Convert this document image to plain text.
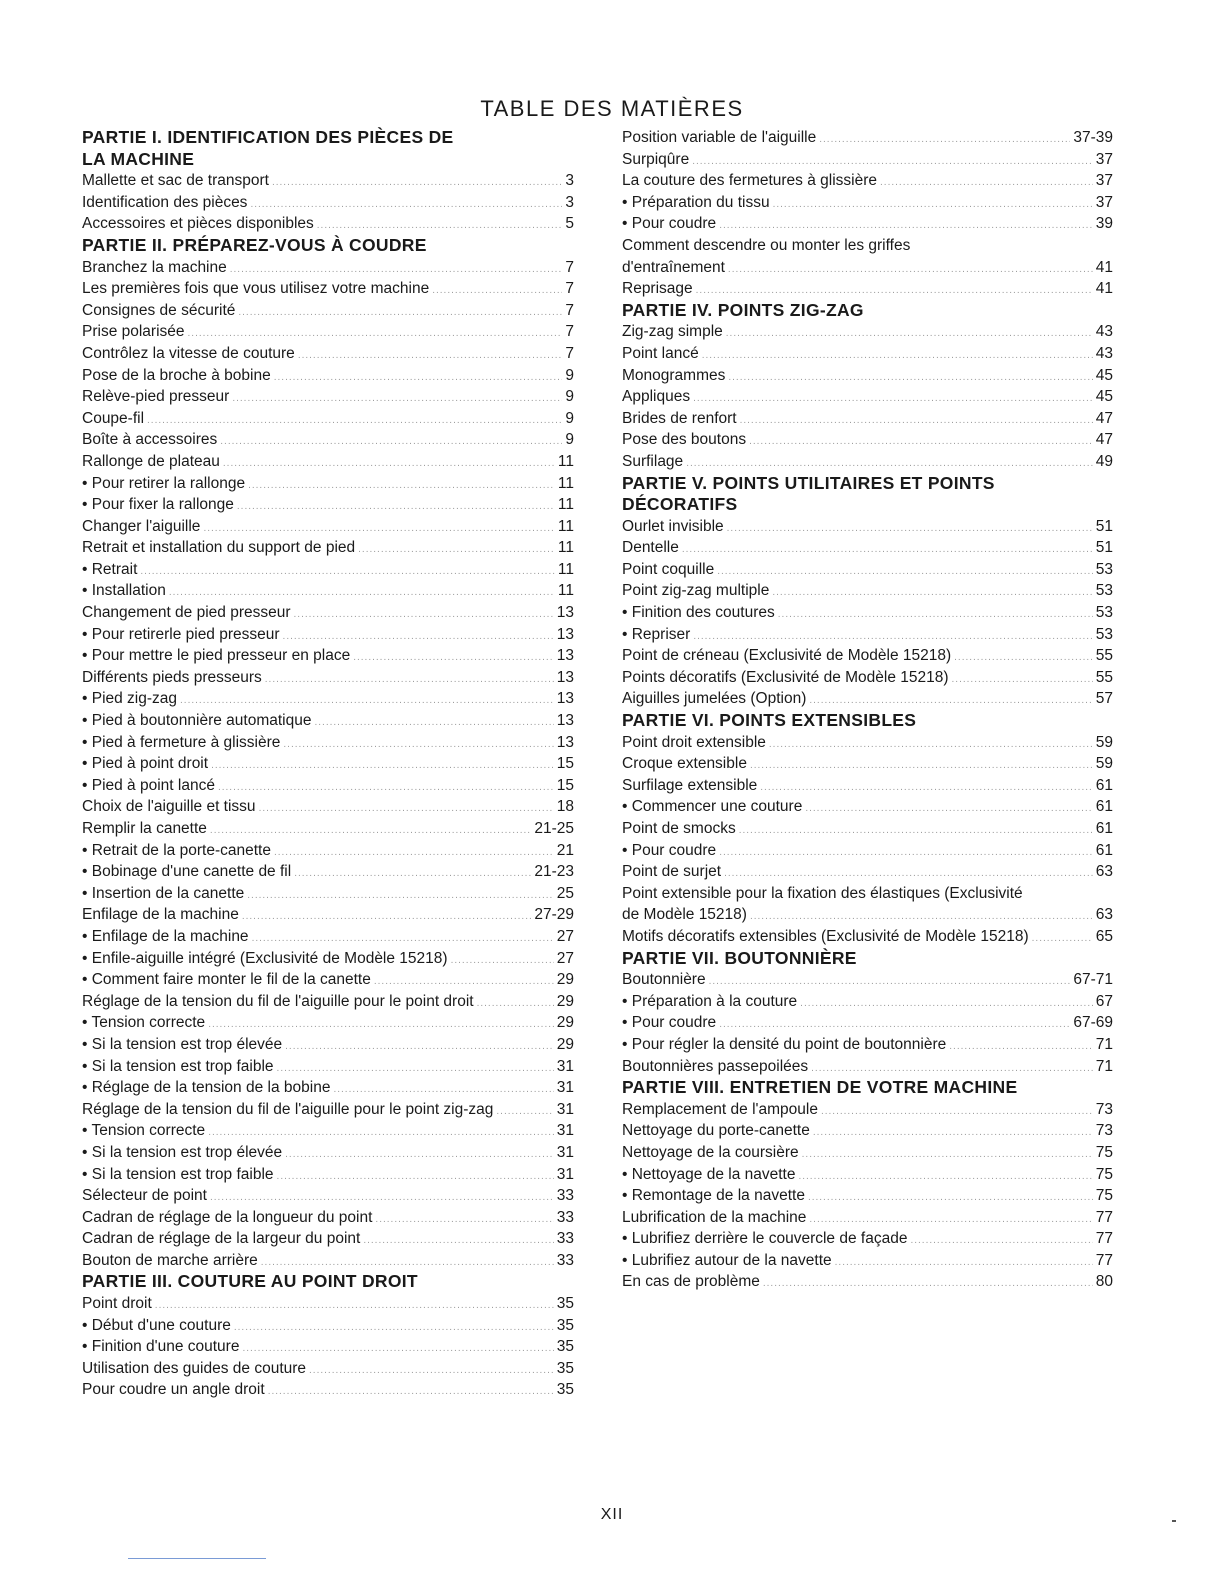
TABLE DES MATIÈRES
PARTIE I. IDENTIFICATION DES PIÈCES DE
LA MACHINE
Mallette et sac de transport .....	3
Identification des pièces .....	3
Accessoires et pièces disponibles .....	5
PARTIE II. PRÉPAREZ-VOUS À COUDRE
Branchez la machine .....	7
Les premières fois que vous utilisez votre machine .....	7
Consignes de sécurité .....	7
Prise polarisée .....	7
Contrôlez la vitesse de couture .....	7
Pose de la broche à bobine .....	9
Relève-pied presseur .....	9
Coupe-fil .....	9
Boîte à accessoires .....	9
Rallonge de plateau .....	11
• Pour retirer la rallonge .....	11
• Pour fixer la rallonge .....	11
Changer l'aiguille .....	11
Retrait et installation du support de pied .....	11
• Retrait .....	11
• Installation .....	11
Changement de pied presseur .....	13
• Pour retirerle pied presseur .....	13
• Pour mettre le pied presseur en place .....	13
Différents pieds presseurs .....	13
• Pied zig-zag .....	13
• Pied à boutonnière automatique .....	13
• Pied à fermeture à glissière .....	13
• Pied à point droit .....	15
• Pied à point lancé .....	15
Choix de l'aiguille et tissu .....	18
Remplir la canette .....	21-25
• Retrait de la porte-canette .....	21
• Bobinage d'une canette de fil .....	21-23
• Insertion de la canette .....	25
Enfilage de la machine .....	27-29
• Enfilage de la machine .....	27
• Enfile-aiguille intégré (Exclusivité de Modèle 15218) .....	27
• Comment faire monter le fil de la canette .....	29
Réglage de la tension du fil de l'aiguille pour le point droit .....	29
• Tension correcte .....	29
• Si la tension est trop élevée .....	29
• Si la tension est trop faible .....	31
• Réglage de la tension de la bobine .....	31
Réglage de la tension du fil de l'aiguille pour le point zig-zag .....	31
• Tension correcte .....	31
• Si la tension est trop élevée .....	31
• Si la tension est trop faible .....	31
Sélecteur de point .....	33
Cadran de réglage de la longueur du point .....	33
Cadran de réglage de la largeur du point .....	33
Bouton de marche arrière .....	33
PARTIE III. COUTURE AU POINT DROIT
Point droit .....	35
• Début d'une couture .....	35
• Finition d'une couture .....	35
Utilisation des guides de couture .....	35
Pour coudre un angle droit .....	35
Position variable de l'aiguille .....	37-39
Surpiqûre .....	37
La couture des fermetures à glissière .....	37
• Préparation du tissu .....	37
• Pour coudre .....	39
Comment descendre ou monter les griffes
d'entraînement .....	41
Reprisage .....	41
PARTIE IV. POINTS ZIG-ZAG
Zig-zag simple .....	43
Point lancé .....	43
Monogrammes .....	45
Appliques .....	45
Brides de renfort .....	47
Pose des boutons .....	47
Surfilage .....	49
PARTIE V. POINTS UTILITAIRES ET POINTS
DÉCORATIFS
Ourlet invisible .....	51
Dentelle .....	51
Point coquille .....	53
Point zig-zag multiple .....	53
• Finition des coutures .....	53
• Repriser .....	53
Point de créneau (Exclusivité de Modèle 15218) .....	55
Points décoratifs (Exclusivité de Modèle 15218) .....	55
Aiguilles jumelées (Option) .....	57
PARTIE VI. POINTS EXTENSIBLES
Point droit extensible .....	59
Croque extensible .....	59
Surfilage extensible .....	61
• Commencer une couture .....	61
Point de smocks .....	61
• Pour coudre .....	61
Point de surjet .....	63
Point extensible pour la fixation des élastiques (Exclusivité
de Modèle 15218) .....	63
Motifs décoratifs extensibles (Exclusivité de Modèle 15218) .....	65
PARTIE VII. BOUTONNIÈRE
Boutonnière .....	67-71
• Préparation à la couture .....	67
• Pour coudre .....	67-69
• Pour régler la densité du point de boutonnière .....	71
Boutonnières passepoilées .....	71
PARTIE VIII. ENTRETIEN DE VOTRE MACHINE
Remplacement de l'ampoule .....	73
Nettoyage du porte-canette .....	73
Nettoyage de la coursière .....	75
• Nettoyage de la navette .....	75
• Remontage de la navette .....	75
Lubrification de la machine .....	77
• Lubrifiez derrière le couvercle de façade .....	77
• Lubrifiez autour de la navette .....	77
En cas de problème .....	80
XII
